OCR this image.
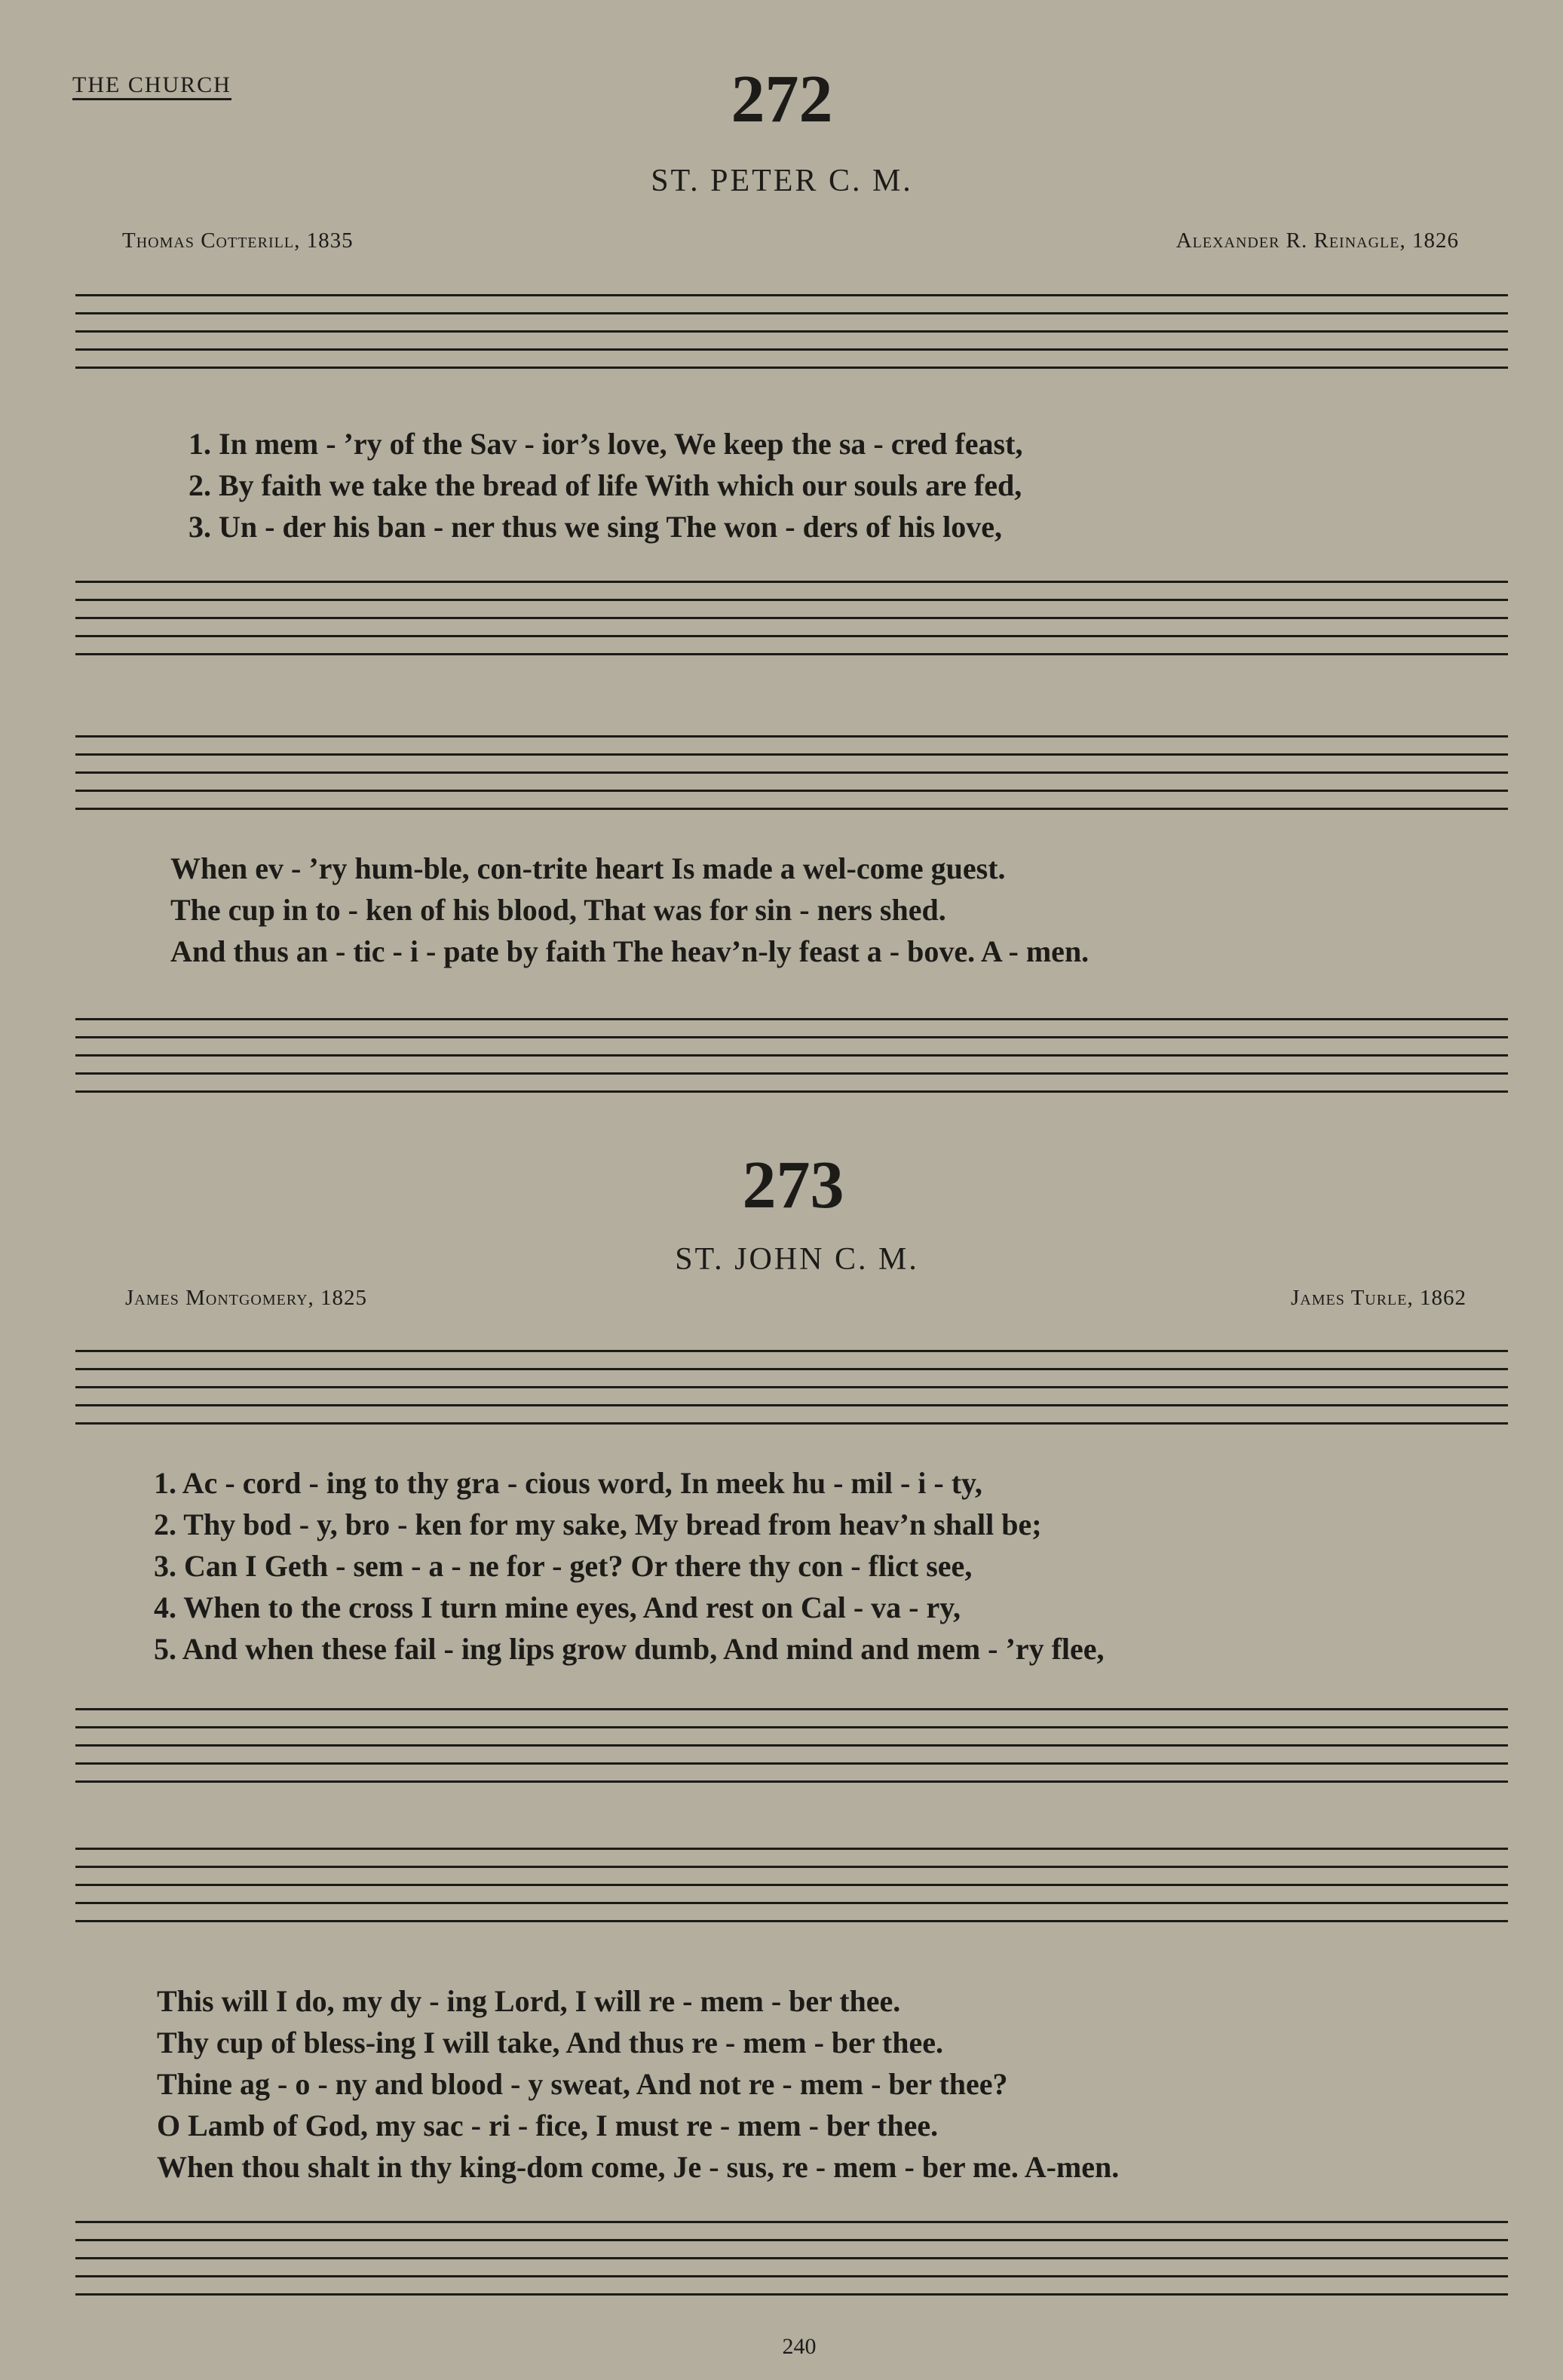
THE CHURCH	272
ST. PETER C. M.
Thomas Cotterill, 1835	Alexander R. Reinagle, 1826
1. In mem - ’ry of the Sav - ior’s love, We keep the sa - cred feast,
2. By faith we take the bread of life With which our souls are fed,
3. Un - der his ban - ner thus we sing The won - ders of his love,
When ev - ’ry hum-ble, con-trite heart Is made a wel-come guest.
The cup in to - ken of his blood, That was for sin - ners shed.
And thus an - tic - i - pate by faith The heav’n-ly feast a - bove. A - men.
273
ST. JOHN C. M.
James Montgomery, 1825	James Turle, 1862
1. Ac - cord - ing to thy gra - cious word, In meek hu - mil - i - ty,
2. Thy bod - y, bro - ken for my sake, My bread from heav’n shall be;
3. Can I Geth - sem - a - ne for - get? Or there thy con - flict see,
4. When to the cross I turn mine eyes, And rest on Cal - va - ry,
5. And when these fail - ing lips grow dumb, And mind and mem - ’ry flee,
This will I do, my dy - ing Lord, I will re - mem - ber thee.
Thy cup of bless-ing I will take, And thus re - mem - ber thee.
Thine ag - o - ny and blood - y sweat, And not re - mem - ber thee?
O Lamb of God, my sac - ri - fice, I must re - mem - ber thee.
When thou shalt in thy king-dom come, Je - sus, re - mem - ber me. A-men.
240
